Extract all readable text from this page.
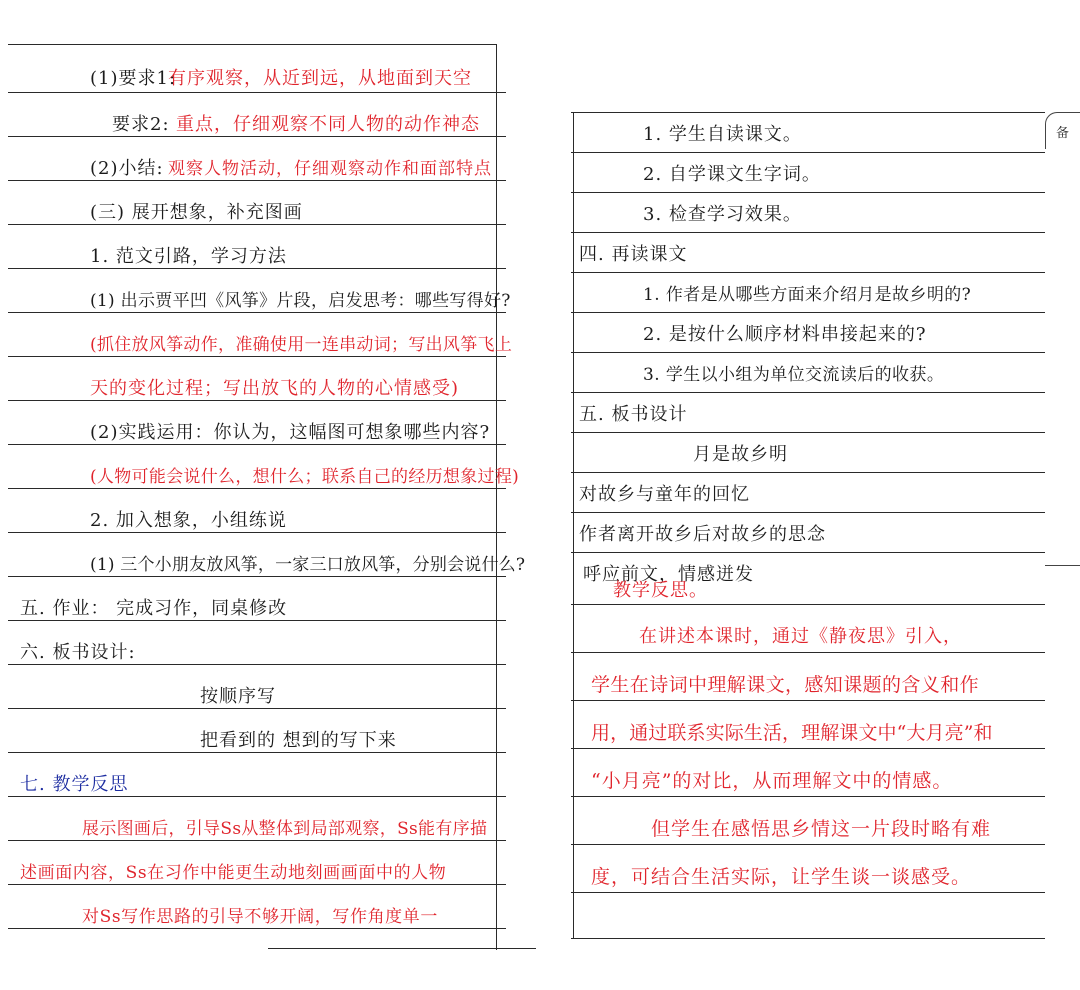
(1)要求1:
有序观察，从近到远，从地面到天空
要求2: 重点，仔细观察不同人物的动作神态
(2)小结: 观察人物活动，仔细观察动作和面部特点
(三) 展开想象，补充图画
1. 范文引路，学习方法
(1) 出示贾平凹《风筝》片段，启发思考：哪些写得好?
(抓住放风筝动作，准确使用一连串动词；写出风筝飞上
天的变化过程；写出放飞的人物的心情感受)
(2)实践运用：你认为，这幅图可想象哪些内容?
(人物可能会说什么，想什么；联系自己的经历想象过程)
2. 加入想象，小组练说
(1) 三个小朋友放风筝，一家三口放风筝，分别会说什么?
五. 作业： 完成习作，同桌修改
六. 板书设计:
按顺序写
把看到的 想到的写下来
七. 教学反思
展示图画后，引导Ss从整体到局部观察，Ss能有序描
述画面内容，Ss在习作中能更生动地刻画画面中的人物
对Ss写作思路的引导不够开阔，写作角度单一
1. 学生自读课文。
2. 自学课文生字词。
3. 检查学习效果。
四. 再读课文
1. 作者是从哪些方面来介绍月是故乡明的?
2. 是按什么顺序材料串接起来的?
3. 学生以小组为单位交流读后的收获。
五. 板书设计
月是故乡明
对故乡与童年的回忆
作者离开故乡后对故乡的思念
呼应前文，情感迸发
教学反思。
在讲述本课时，通过《静夜思》引入，
学生在诗词中理解课文，感知课题的含义和作
用，通过联系实际生活，理解课文中“大月亮”和
“小月亮”的对比，从而理解文中的情感。
但学生在感悟思乡情这一片段时略有难
度，可结合生活实际，让学生谈一谈感受。
备
